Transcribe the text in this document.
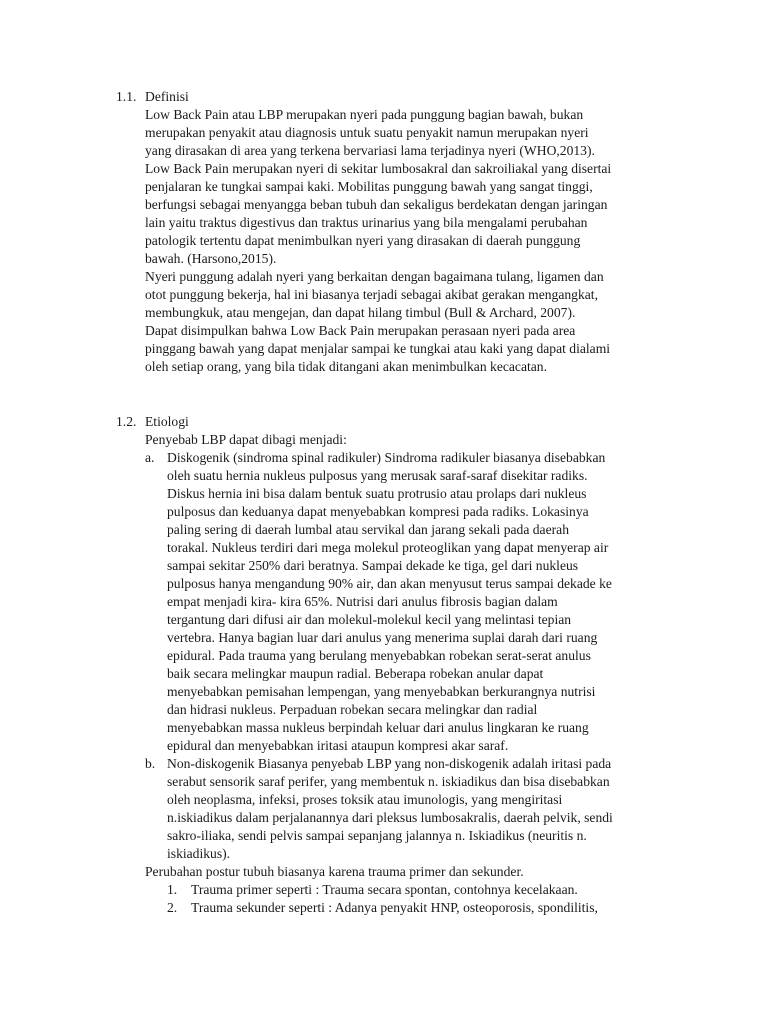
1.1. Definisi
Low Back Pain atau LBP merupakan nyeri pada punggung bagian bawah, bukan
merupakan penyakit atau diagnosis untuk suatu penyakit namun merupakan nyeri
yang dirasakan di area yang terkena bervariasi lama terjadinya nyeri (WHO,2013).
Low Back Pain merupakan nyeri di sekitar lumbosakral dan sakroiliakal yang disertai
penjalaran ke tungkai sampai kaki. Mobilitas punggung bawah yang sangat tinggi,
berfungsi sebagai menyangga beban tubuh dan sekaligus berdekatan dengan jaringan
lain yaitu traktus digestivus dan traktus urinarius yang bila mengalami perubahan
patologik tertentu dapat menimbulkan nyeri yang dirasakan di daerah punggung
bawah. (Harsono,2015).
Nyeri punggung adalah nyeri yang berkaitan dengan bagaimana tulang, ligamen dan
otot punggung bekerja, hal ini biasanya terjadi sebagai akibat gerakan mengangkat,
membungkuk, atau mengejan, dan dapat hilang timbul (Bull & Archard, 2007).
Dapat disimpulkan bahwa Low Back Pain merupakan perasaan nyeri pada area
pinggang bawah yang dapat menjalar sampai ke tungkai atau kaki yang dapat dialami
oleh setiap orang, yang bila tidak ditangani akan menimbulkan kecacatan.
1.2. Etiologi
Penyebab LBP dapat dibagi menjadi:
a. Diskogenik (sindroma spinal radikuler) Sindroma radikuler biasanya disebabkan
oleh suatu hernia nukleus pulposus yang merusak saraf-saraf disekitar radiks.
Diskus hernia ini bisa dalam bentuk suatu protrusio atau prolaps dari nukleus
pulposus dan keduanya dapat menyebabkan kompresi pada radiks. Lokasinya
paling sering di daerah lumbal atau servikal dan jarang sekali pada daerah
torakal. Nukleus terdiri dari mega molekul proteoglikan yang dapat menyerap air
sampai sekitar 250% dari beratnya. Sampai dekade ke tiga, gel dari nukleus
pulposus hanya mengandung 90% air, dan akan menyusut terus sampai dekade ke
empat menjadi kira- kira 65%. Nutrisi dari anulus fibrosis bagian dalam
tergantung dari difusi air dan molekul-molekul kecil yang melintasi tepian
vertebra. Hanya bagian luar dari anulus yang menerima suplai darah dari ruang
epidural. Pada trauma yang berulang menyebabkan robekan serat-serat anulus
baik secara melingkar maupun radial. Beberapa robekan anular dapat
menyebabkan pemisahan lempengan, yang menyebabkan berkurangnya nutrisi
dan hidrasi nukleus. Perpaduan robekan secara melingkar dan radial
menyebabkan massa nukleus berpindah keluar dari anulus lingkaran ke ruang
epidural dan menyebabkan iritasi ataupun kompresi akar saraf.
b. Non-diskogenik Biasanya penyebab LBP yang non-diskogenik adalah iritasi pada
serabut sensorik saraf perifer, yang membentuk n. iskiadikus dan bisa disebabkan
oleh neoplasma, infeksi, proses toksik atau imunologis, yang mengiritasi
n.iskiadikus dalam perjalanannya dari pleksus lumbosakralis, daerah pelvik, sendi
sakro-iliaka, sendi pelvis sampai sepanjang jalannya n. Iskiadikus (neuritis n.
iskiadikus).
Perubahan postur tubuh biasanya karena trauma primer dan sekunder.
1. Trauma primer seperti : Trauma secara spontan, contohnya kecelakaan.
2. Trauma sekunder seperti : Adanya penyakit HNP, osteoporosis, spondilitis,
